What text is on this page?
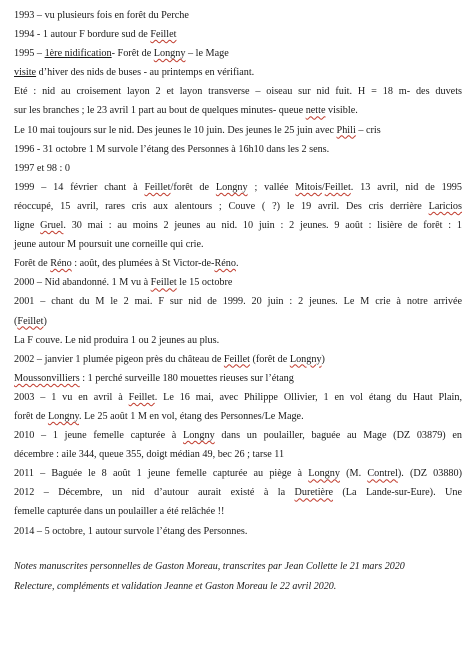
1993 – vu plusieurs fois en forêt du Perche
1994 - 1 autour F bordure sud de Feillet
1995 – 1ère nidification- Forêt de Longny – le Mage
visite d’hiver des nids de buses - au printemps en vérifiant.
Eté : nid au croisement layon 2 et layon transverse – oiseau sur nid fuit. H = 18 m- des duvets
sur les branches ; le 23 avril 1 part au bout de quelques minutes- queue nette visible.
Le 10 mai toujours sur le nid. Des jeunes le 10 juin. Des jeunes le 25 juin avec Phili – cris
1996 - 31 octobre 1 M survole l’étang des Personnes à 16h10 dans les 2 sens.
1997 et 98 : 0
1999 – 14 février chant à Feillet/forêt de Longny ; vallée Mitois/Feillet. 13 avril, nid de 1995
réoccupé, 15 avril, rares cris aux alentours ; Couve ( ?) le 19 avril. Des cris derrière Laricios
ligne Gruel. 30 mai : au moins 2 jeunes au nid. 10 juin : 2 jeunes. 9 août : lisière de forêt : 1
jeune autour M poursuit une corneille qui crie.
Forêt de Réno : août, des plumées à St Victor-de-Réno.
2000 – Nid abandonné. 1 M vu à Feillet le 15 octobre
2001 – chant du M le 2 mai. F sur nid de 1999. 20 juin : 2 jeunes. Le M crie à notre arrivée
(Feillet)
La F couve. Le nid produira 1 ou 2 jeunes au plus.
2002 – janvier 1 plumée pigeon près du château de Feillet (forêt de Longny)
Moussonvilliers : 1 perché surveille 180 mouettes rieuses sur l’étang
2003 – 1 vu en avril à Feillet. Le 16 mai, avec Philippe Ollivier, 1 en vol étang du Haut Plain,
forêt de Longny. Le 25 août 1 M en vol, étang des Personnes/Le Mage.
2010 – 1 jeune femelle capturée à Longny dans un poulailler, baguée au Mage (DZ 03879) en
décembre : aile 344, queue 355, doigt médian 49, bec 26 ; tarse 11
2011 – Baguée le 8 août 1 jeune femelle capturée au piège à Longny (M. Contrel). (DZ 03880)
2012 – Décembre, un nid d’autour aurait existé à la Duretière (La Lande-sur-Eure). Une
femelle capturée dans un poulailler a été relâchée !!
2014 – 5 octobre, 1 autour survole l’étang des Personnes.
Notes manuscrites personnelles de Gaston Moreau, transcrites par Jean Collette le 21 mars 2020
Relecture, compléments et validation Jeanne et Gaston Moreau le 22 avril 2020.
